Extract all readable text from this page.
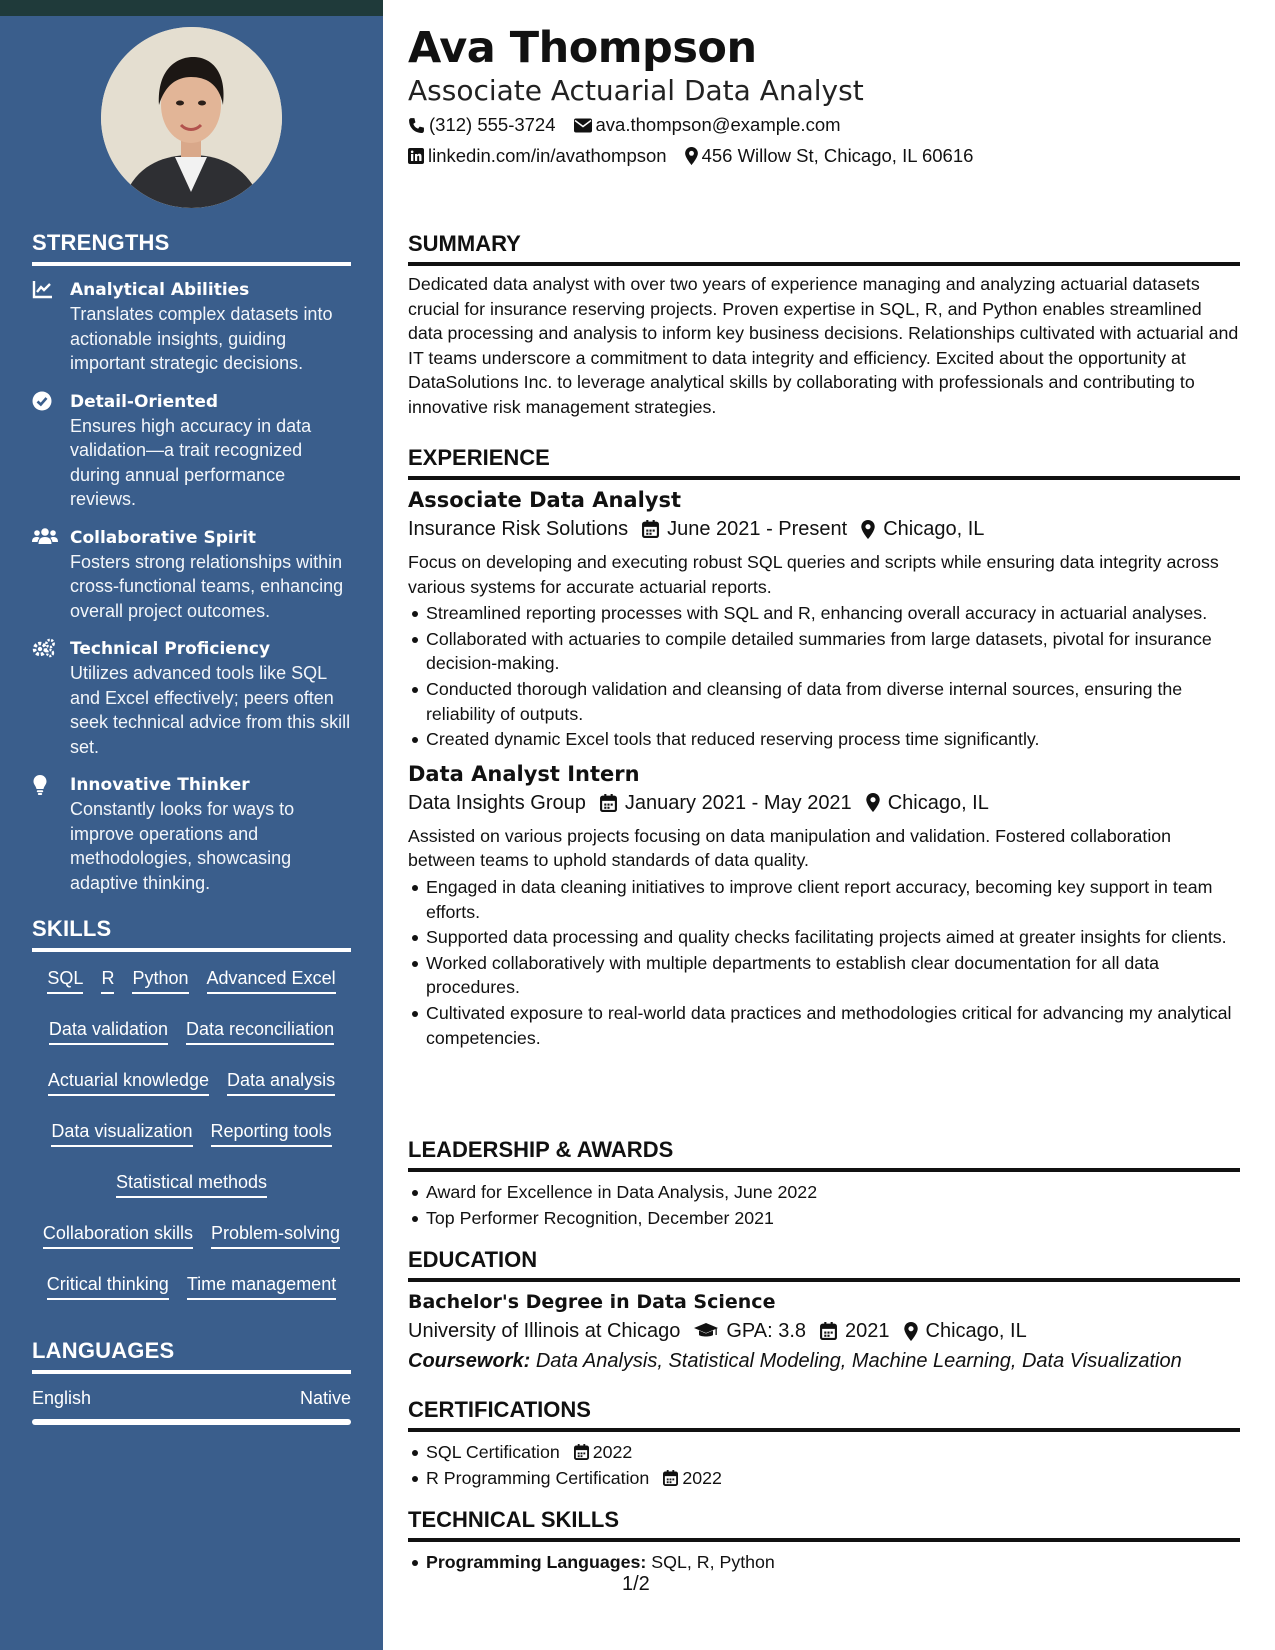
STRENGTHS
Analytical Abilities
Translates complex datasets into actionable insights, guiding important strategic decisions.
Detail-Oriented
Ensures high accuracy in data validation—a trait recognized during annual performance reviews.
Collaborative Spirit
Fosters strong relationships within cross-functional teams, enhancing overall project outcomes.
Technical Proficiency
Utilizes advanced tools like SQL and Excel effectively; peers often seek technical advice from this skill set.
Innovative Thinker
Constantly looks for ways to improve operations and methodologies, showcasing adaptive thinking.
SKILLS
SQL R Python Advanced Excel
Data validation Data reconciliation
Actuarial knowledge Data analysis
Data visualization Reporting tools
Statistical methods
Collaboration skills Problem-solving
Critical thinking Time management
LANGUAGES
English	Native
Ava Thompson
Associate Actuarial Data Analyst
(312) 555-3724 ava.thompson@example.com
linkedin.com/in/avathompson 456 Willow St, Chicago, IL 60616
SUMMARY
Dedicated data analyst with over two years of experience managing and analyzing actuarial datasets crucial for insurance reserving projects. Proven expertise in SQL, R, and Python enables streamlined data processing and analysis to inform key business decisions. Relationships cultivated with actuarial and IT teams underscore a commitment to data integrity and efficiency. Excited about the opportunity at DataSolutions Inc. to leverage analytical skills by collaborating with professionals and contributing to innovative risk management strategies.
EXPERIENCE
Associate Data Analyst
Insurance Risk Solutions June 2021 - Present Chicago, IL
Focus on developing and executing robust SQL queries and scripts while ensuring data integrity across various systems for accurate actuarial reports.
Streamlined reporting processes with SQL and R, enhancing overall accuracy in actuarial analyses.
Collaborated with actuaries to compile detailed summaries from large datasets, pivotal for insurance decision-making.
Conducted thorough validation and cleansing of data from diverse internal sources, ensuring the reliability of outputs.
Created dynamic Excel tools that reduced reserving process time significantly.
Data Analyst Intern
Data Insights Group January 2021 - May 2021 Chicago, IL
Assisted on various projects focusing on data manipulation and validation. Fostered collaboration between teams to uphold standards of data quality.
Engaged in data cleaning initiatives to improve client report accuracy, becoming key support in team efforts.
Supported data processing and quality checks facilitating projects aimed at greater insights for clients.
Worked collaboratively with multiple departments to establish clear documentation for all data procedures.
Cultivated exposure to real-world data practices and methodologies critical for advancing my analytical competencies.
LEADERSHIP & AWARDS
Award for Excellence in Data Analysis, June 2022
Top Performer Recognition, December 2021
EDUCATION
Bachelor's Degree in Data Science
University of Illinois at Chicago GPA: 3.8 2021 Chicago, IL
Coursework: Data Analysis, Statistical Modeling, Machine Learning, Data Visualization
CERTIFICATIONS
SQL Certification 2022
R Programming Certification 2022
TECHNICAL SKILLS
Programming Languages: SQL, R, Python
1/2
